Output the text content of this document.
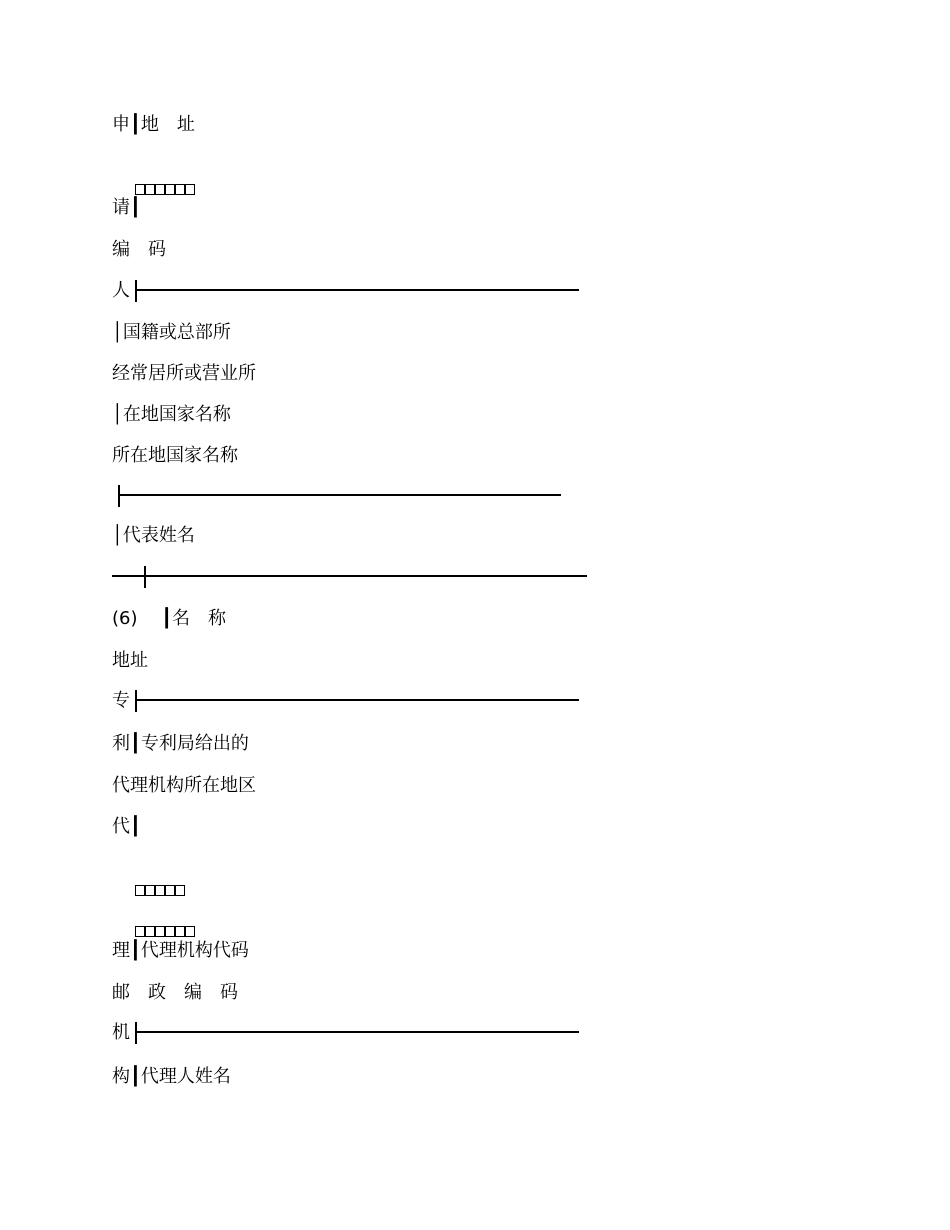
申┃地　址

请┃
编　码
人
│国籍或总部所
经常居所或营业所
│在地国家名称
所在地国家名称
│代表姓名
(6)　 ┃名　称
地址
专
利┃专利局给出的
代理机构所在地区
代┃

理┃代理机构代码
邮　政　编　码
机
构┃代理人姓名
